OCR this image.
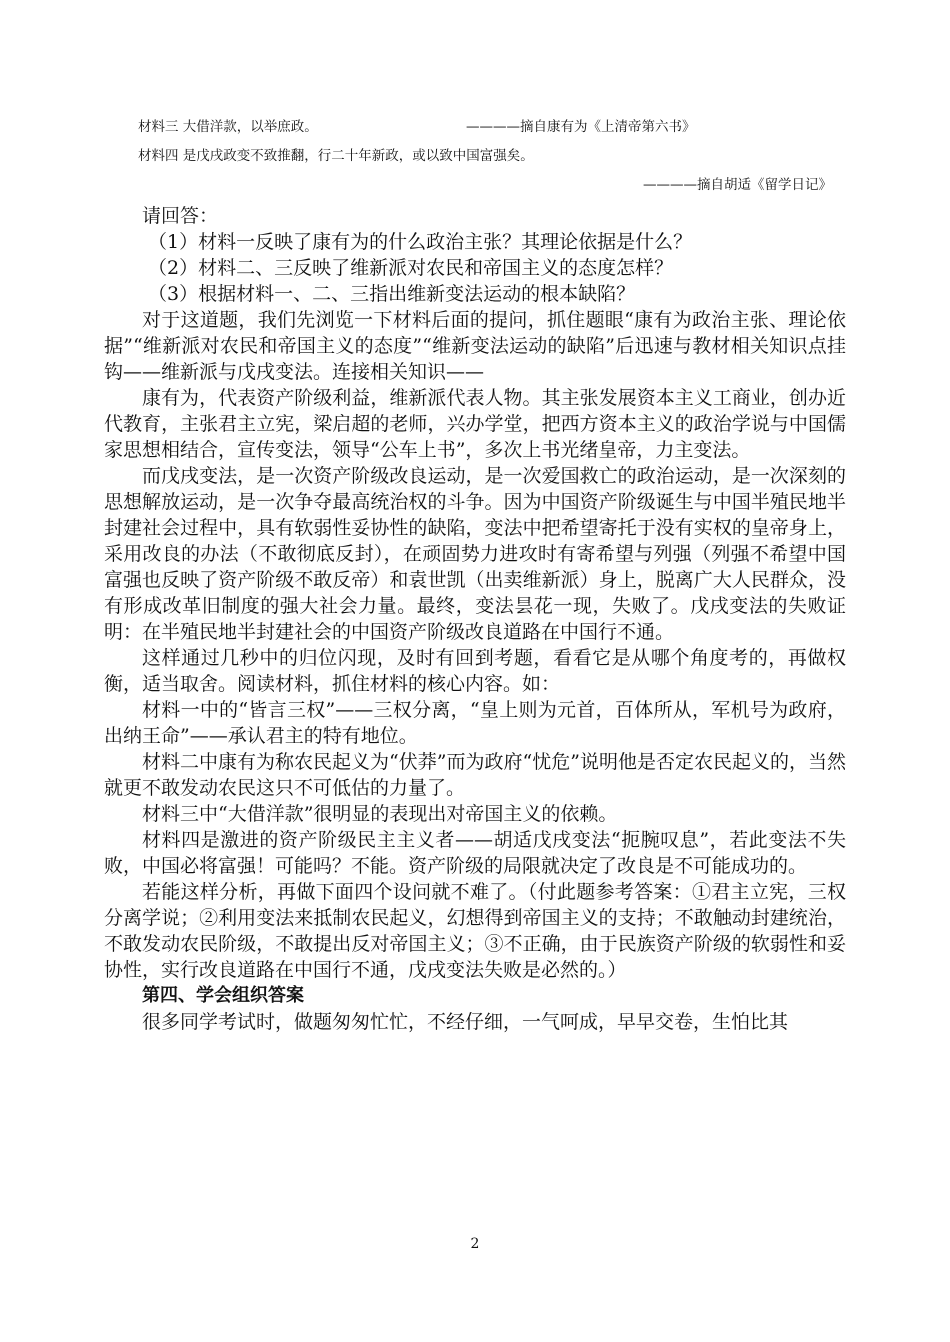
材料三 大借洋款，以举庶政。	————摘自康有为《上清帝第六书》
材料四 是戊戌政变不致推翻，行二十年新政，或以致中国富强矣。
————摘自胡适《留学日记》

请回答：

（1）材料一反映了康有为的什么政治主张？其理论依据是什么？

（2）材料二、三反映了维新派对农民和帝国主义的态度怎样？

（3）根据材料一、二、三指出维新变法运动的根本缺陷？

对于这道题，我们先浏览一下材料后面的提问，抓住题眼“康有为政治主张、理论依据”“维新派对农民和帝国主义的态度”“维新变法运动的缺陷”后迅速与教材相关知识点挂钩——维新派与戊戌变法。连接相关知识——

康有为，代表资产阶级利益，维新派代表人物。其主张发展资本主义工商业，创办近代教育，主张君主立宪，梁启超的老师，兴办学堂，把西方资本主义的政治学说与中国儒家思想相结合，宣传变法，领导“公车上书”，多次上书光绪皇帝，力主变法。

而戊戌变法，是一次资产阶级改良运动，是一次爱国救亡的政治运动，是一次深刻的思想解放运动，是一次争夺最高统治权的斗争。因为中国资产阶级诞生与中国半殖民地半封建社会过程中，具有软弱性妥协性的缺陷，变法中把希望寄托于没有实权的皇帝身上，采用改良的办法（不敢彻底反封），在顽固势力进攻时有寄希望与列强（列强不希望中国富强也反映了资产阶级不敢反帝）和袁世凯（出卖维新派）身上，脱离广大人民群众，没有形成改革旧制度的强大社会力量。最终，变法昙花一现，失败了。戊戌变法的失败证明：在半殖民地半封建社会的中国资产阶级改良道路在中国行不通。

这样通过几秒中的归位闪现，及时有回到考题，看看它是从哪个角度考的，再做权衡，适当取舍。阅读材料，抓住材料的核心内容。如：

材料一中的“皆言三权”——三权分离，“皇上则为元首，百体所从，军机号为政府，出纳王命”——承认君主的特有地位。

材料二中康有为称农民起义为“伏莽”而为政府“忧危”说明他是否定农民起义的，当然就更不敢发动农民这只不可低估的力量了。

材料三中“大借洋款”很明显的表现出对帝国主义的依赖。

材料四是激进的资产阶级民主主义者——胡适戊戌变法“扼腕叹息”，若此变法不失败，中国必将富强！可能吗？不能。资产阶级的局限就决定了改良是不可能成功的。

若能这样分析，再做下面四个设问就不难了。（付此题参考答案：①君主立宪，三权分离学说；②利用变法来抵制农民起义，幻想得到帝国主义的支持；不敢触动封建统治，不敢发动农民阶级，不敢提出反对帝国主义；③不正确，由于民族资产阶级的软弱性和妥协性，实行改良道路在中国行不通，戊戌变法失败是必然的。）

第四、学会组织答案

很多同学考试时，做题匆匆忙忙，不经仔细，一气呵成，早早交卷，生怕比其

2
